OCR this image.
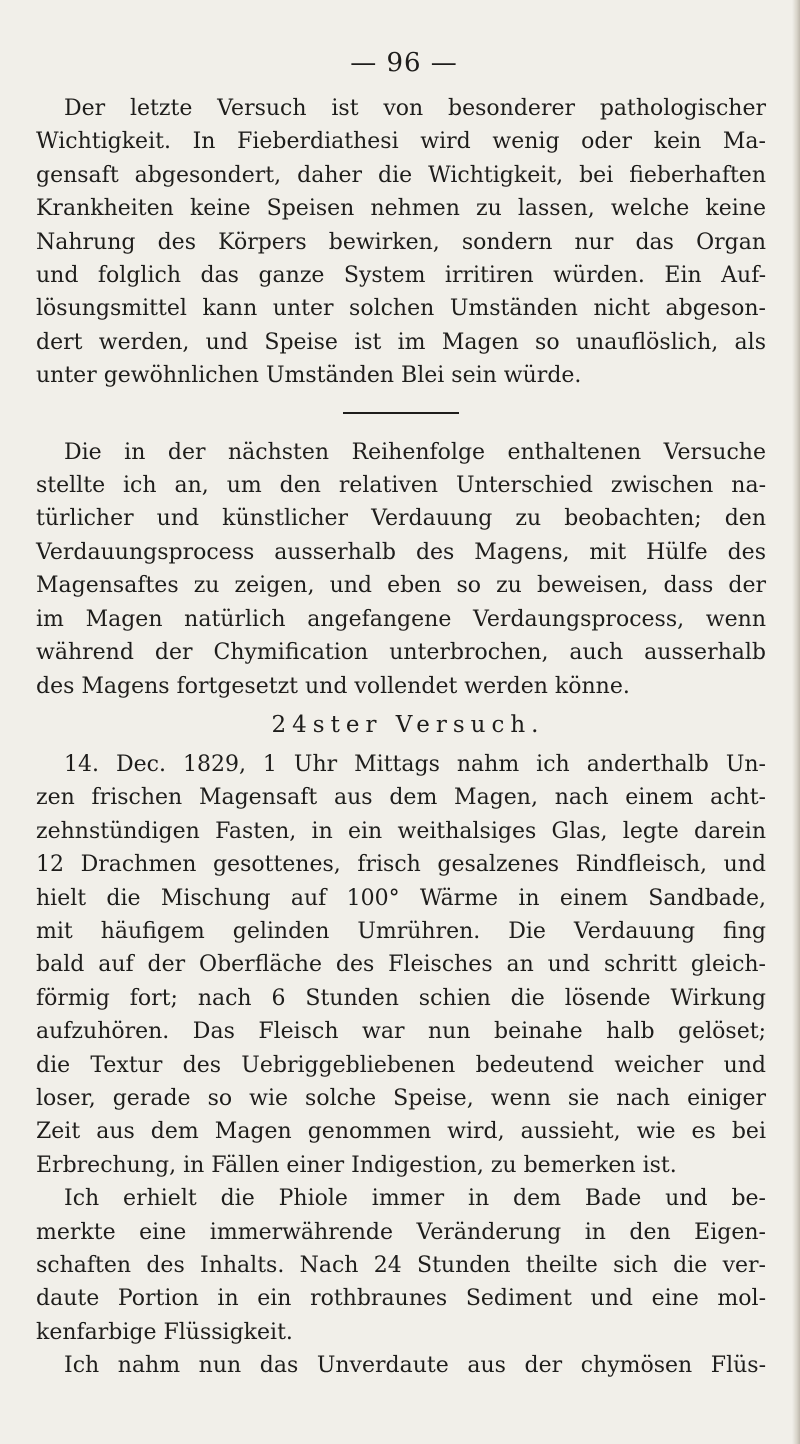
— 96 —

Der letzte Versuch ist von besonderer pathologischer
Wichtigkeit. In Fieberdiathesi wird wenig oder kein Ma-
gensaft abgesondert, daher die Wichtigkeit, bei fieberhaften
Krankheiten keine Speisen nehmen zu lassen, welche keine
Nahrung des Körpers bewirken, sondern nur das Organ
und folglich das ganze System irritiren würden. Ein Auf-
lösungsmittel kann unter solchen Umständen nicht abgeson-
dert werden, und Speise ist im Magen so unauflöslich, als
unter gewöhnlichen Umständen Blei sein würde.

Die in der nächsten Reihenfolge enthaltenen Versuche
stellte ich an, um den relativen Unterschied zwischen na-
türlicher und künstlicher Verdauung zu beobachten; den
Verdauungsprocess ausserhalb des Magens, mit Hülfe des
Magensaftes zu zeigen, und eben so zu beweisen, dass der
im Magen natürlich angefangene Verdaungsprocess, wenn
während der Chymification unterbrochen, auch ausserhalb
des Magens fortgesetzt und vollendet werden könne.

24ster Versuch.

14. Dec. 1829, 1 Uhr Mittags nahm ich anderthalb Un-
zen frischen Magensaft aus dem Magen, nach einem acht-
zehnstündigen Fasten, in ein weithalsiges Glas, legte darein
12 Drachmen gesottenes, frisch gesalzenes Rindfleisch, und
hielt die Mischung auf 100° Wärme in einem Sandbade,
mit häufigem gelinden Umrühren. Die Verdauung fing
bald auf der Oberfläche des Fleisches an und schritt gleich-
förmig fort; nach 6 Stunden schien die lösende Wirkung
aufzuhören. Das Fleisch war nun beinahe halb gelöset;
die Textur des Uebriggebliebenen bedeutend weicher und
loser, gerade so wie solche Speise, wenn sie nach einiger
Zeit aus dem Magen genommen wird, aussieht, wie es bei
Erbrechung, in Fällen einer Indigestion, zu bemerken ist.

Ich erhielt die Phiole immer in dem Bade und be-
merkte eine immerwährende Veränderung in den Eigen-
schaften des Inhalts. Nach 24 Stunden theilte sich die ver-
daute Portion in ein rothbraunes Sediment und eine mol-
kenfarbige Flüssigkeit.

Ich nahm nun das Unverdaute aus der chymösen Flüs-
